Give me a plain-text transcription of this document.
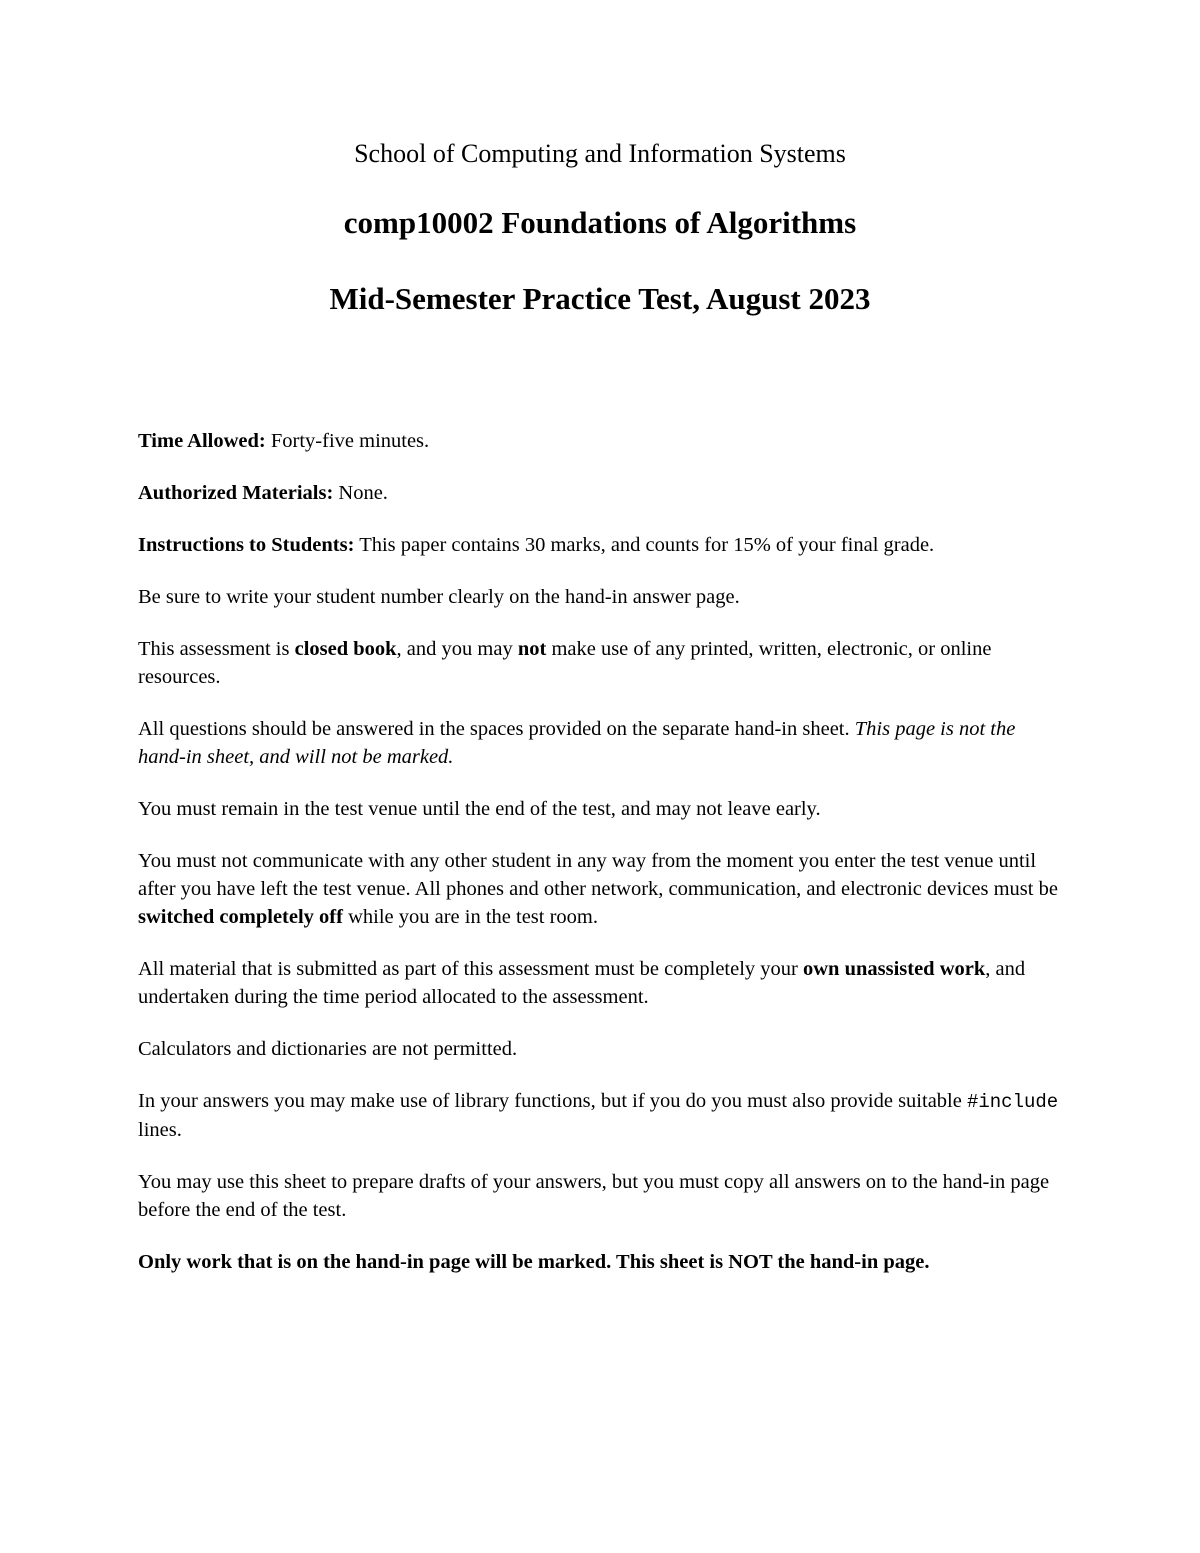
School of Computing and Information Systems
comp10002 Foundations of Algorithms
Mid-Semester Practice Test, August 2023

Time Allowed: Forty-five minutes.

Authorized Materials: None.

Instructions to Students: This paper contains 30 marks, and counts for 15% of your final grade.

Be sure to write your student number clearly on the hand-in answer page.

This assessment is closed book, and you may not make use of any printed, written, electronic, or online resources.

All questions should be answered in the spaces provided on the separate hand-in sheet. This page is not the hand-in sheet, and will not be marked.

You must remain in the test venue until the end of the test, and may not leave early.

You must not communicate with any other student in any way from the moment you enter the test venue until after you have left the test venue. All phones and other network, communication, and electronic devices must be switched completely off while you are in the test room.

All material that is submitted as part of this assessment must be completely your own unassisted work, and undertaken during the time period allocated to the assessment.

Calculators and dictionaries are not permitted.

In your answers you may make use of library functions, but if you do you must also provide suitable #include lines.

You may use this sheet to prepare drafts of your answers, but you must copy all answers on to the hand-in page before the end of the test.

Only work that is on the hand-in page will be marked. This sheet is NOT the hand-in page.
